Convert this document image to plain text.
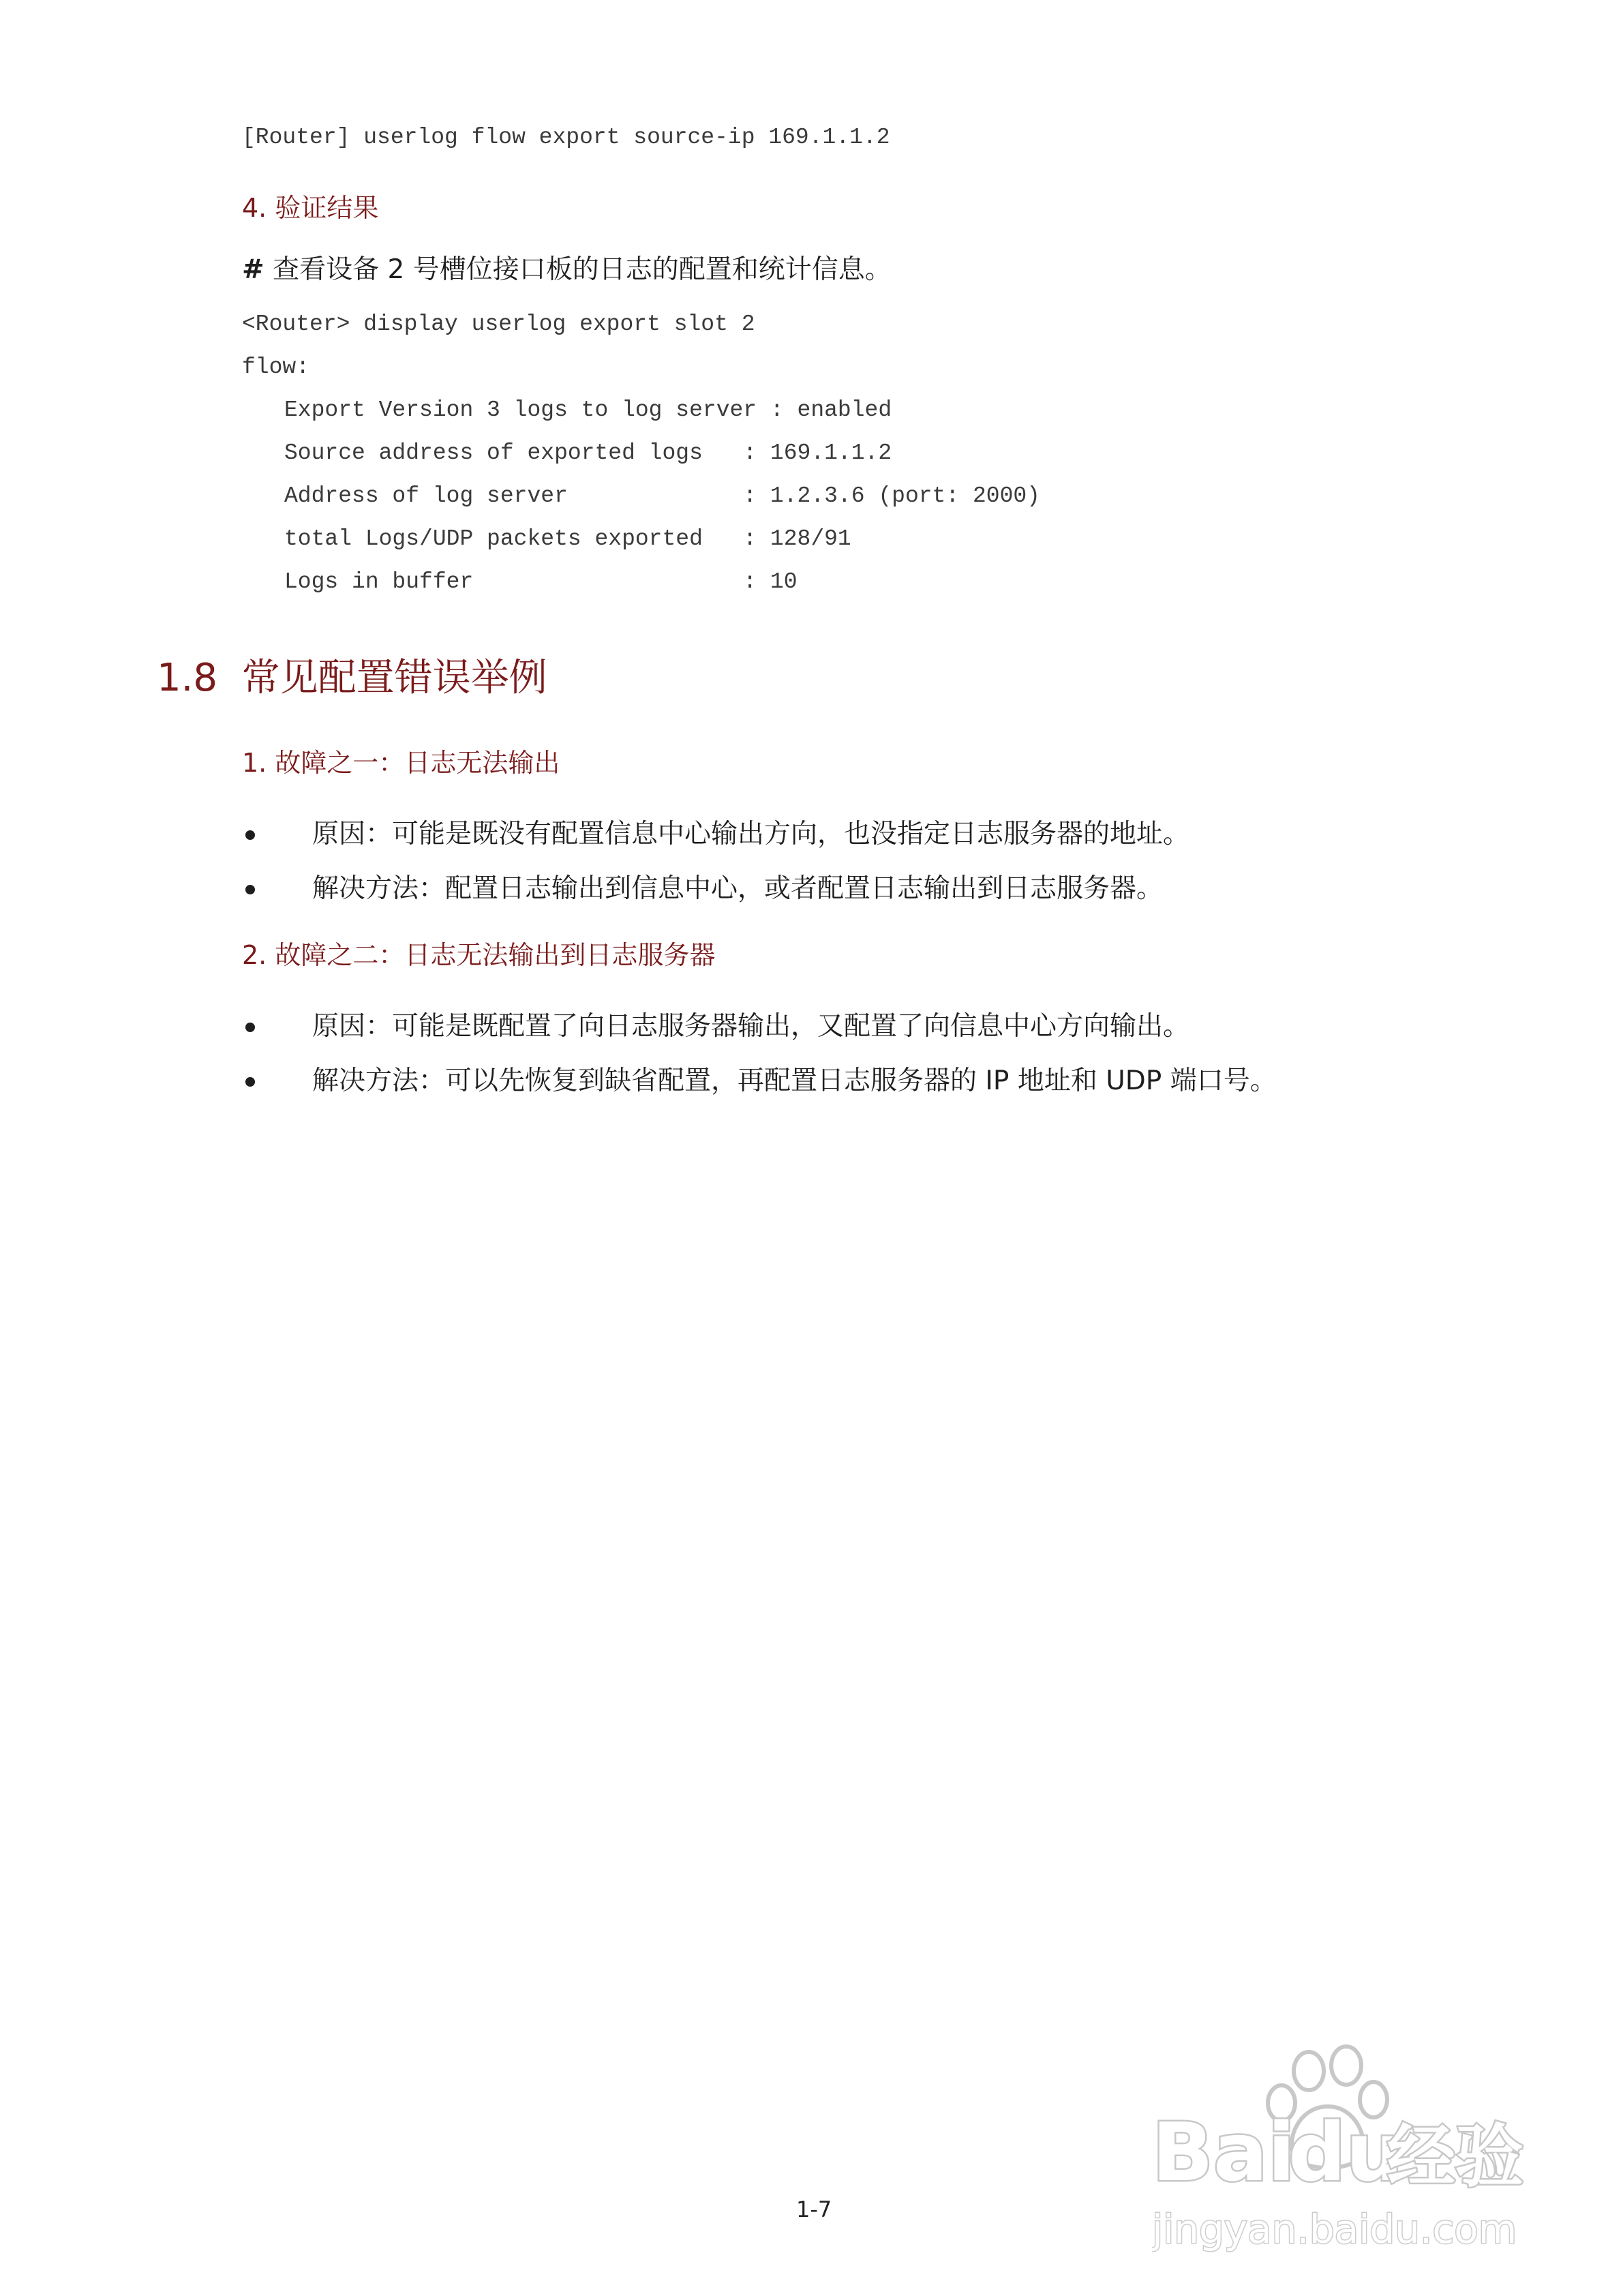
[Router] userlog flow export source-ip 169.1.1.2
4. 验证结果
# 查看设备 2 号槽位接口板的日志的配置和统计信息。
<Router> display userlog export slot 2
flow:
Export Version 3 logs to log server : enabled
Source address of exported logs   : 169.1.1.2
Address of log server             : 1.2.3.6 (port: 2000)
total Logs/UDP packets exported   : 128/91
Logs in buffer                    : 10
1.8  常见配置错误举例
1. 故障之一：日志无法输出
原因：可能是既没有配置信息中心输出方向，也没指定日志服务器的地址。
解决方法：配置日志输出到信息中心，或者配置日志输出到日志服务器。
2. 故障之二：日志无法输出到日志服务器
原因：可能是既配置了向日志服务器输出，又配置了向信息中心方向输出。
解决方法：可以先恢复到缺省配置，再配置日志服务器的 IP 地址和 UDP 端口号。
1-7
Bai
du
经验
jingyan.baidu.com
